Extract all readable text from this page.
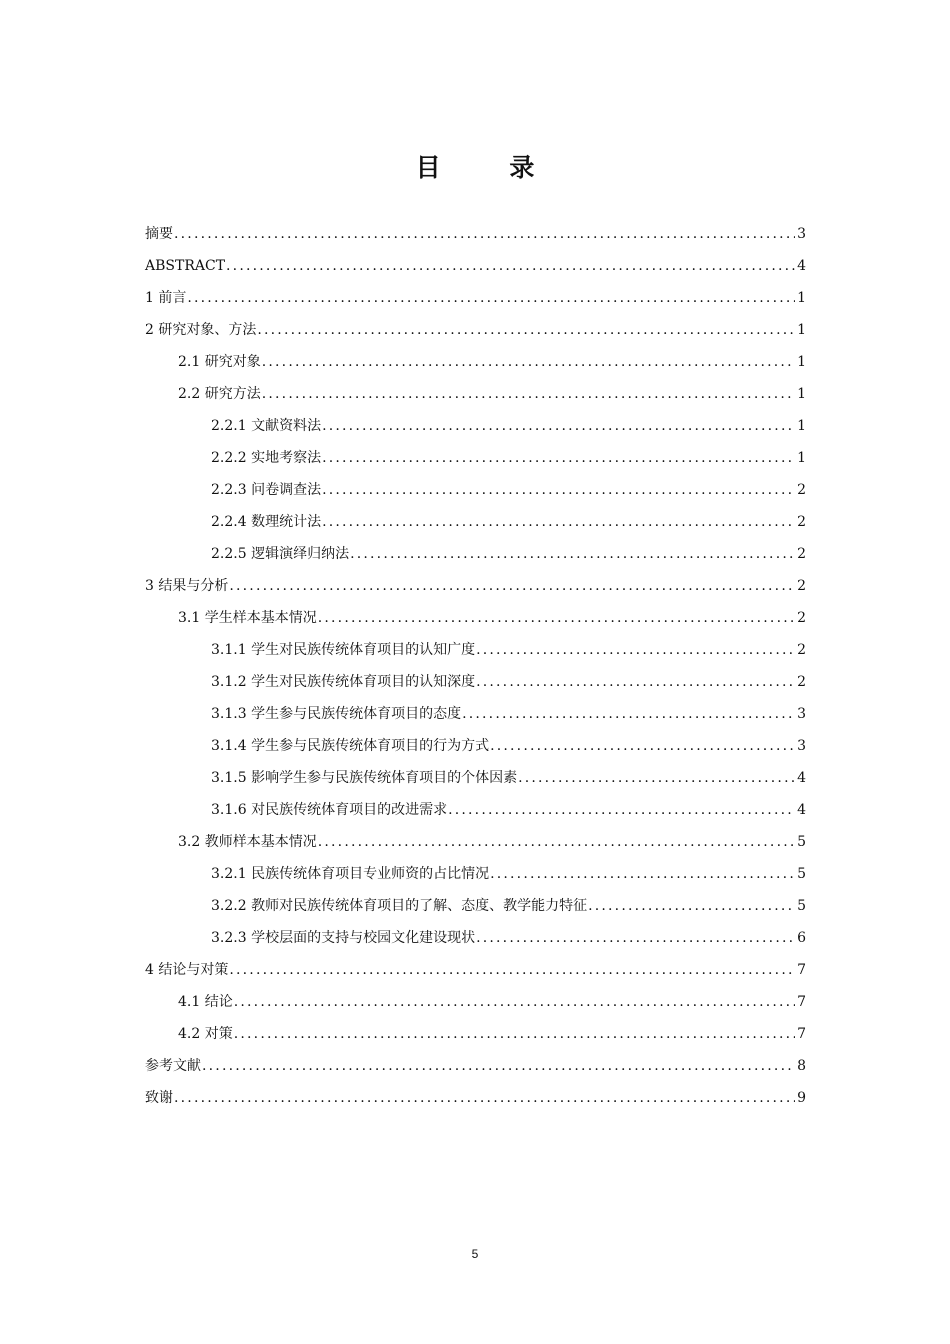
目 录
摘要 .....	3
ABSTRACT .....	4
1 前言 .....	1
2 研究对象、方法 .....	1
2.1 研究对象 .....	1
2.2 研究方法 .....	1
2.2.1 文献资料法 .....	1
2.2.2 实地考察法 .....	1
2.2.3 问卷调查法 .....	2
2.2.4 数理统计法 .....	2
2.2.5 逻辑演绎归纳法 .....	2
3 结果与分析 .....	2
3.1 学生样本基本情况 .....	2
3.1.1 学生对民族传统体育项目的认知广度 .....	2
3.1.2 学生对民族传统体育项目的认知深度 .....	2
3.1.3 学生参与民族传统体育项目的态度 .....	3
3.1.4 学生参与民族传统体育项目的行为方式 .....	3
3.1.5 影响学生参与民族传统体育项目的个体因素 .....	4
3.1.6 对民族传统体育项目的改进需求 .....	4
3.2 教师样本基本情况 .....	5
3.2.1 民族传统体育项目专业师资的占比情况 .....	5
3.2.2 教师对民族传统体育项目的了解、态度、教学能力特征 .....	5
3.2.3 学校层面的支持与校园文化建设现状 .....	6
4 结论与对策 .....	7
4.1 结论 .....	7
4.2 对策 .....	7
参考文献 .....	8
致谢 .....	9
5
